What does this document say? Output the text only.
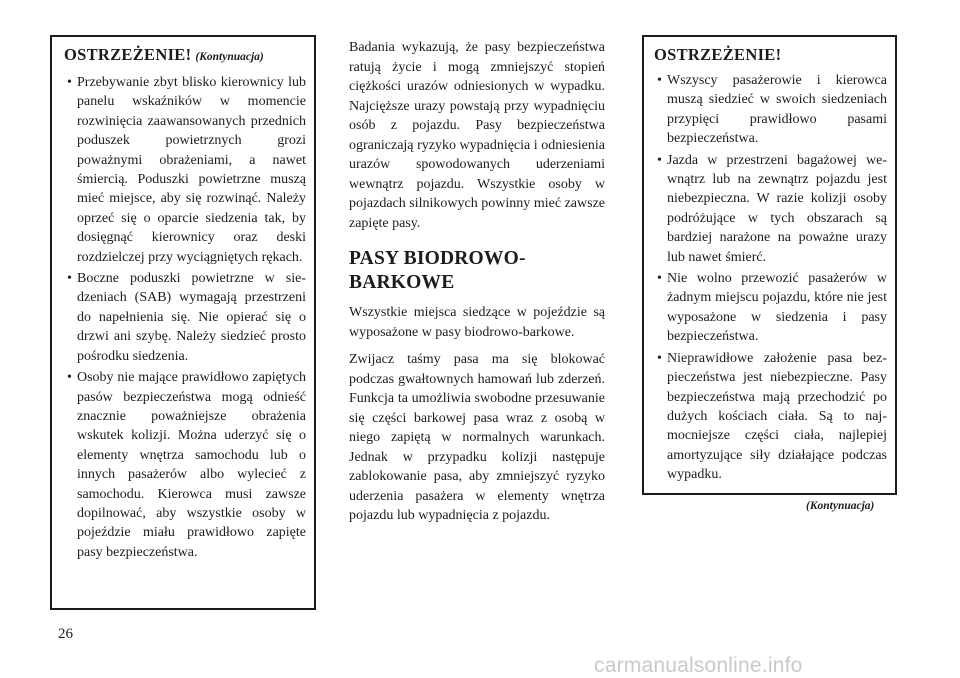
OSTRZEŻENIE! (Kontynuacja)
• Przebywanie zbyt blisko kierownicy lub panelu wskaźników w momencie rozwinięcia zaawansowanych przednich poduszek powietrznych grozi poważnymi obrażeniami, a nawet śmiercią. Poduszki powietrzne muszą mieć miejsce, aby się rozwinąć. Należy oprzeć się o oparcie siedzenia tak, by dosięgnąć kierownicy oraz deski rozdzielczej przy wyciągniętych rękach.
• Boczne poduszki powietrzne w siedzeniach (SAB) wymagają przestrzeni do napełnienia się. Nie opierać się o drzwi ani szybę. Należy siedzieć prosto pośrodku siedzenia.
• Osoby nie mające prawidłowo zapiętych pasów bezpieczeństwa mogą odnieść znacznie poważniejsze obrażenia wskutek kolizji. Można uderzyć się o elementy wnętrza samochodu lub o innych pasażerów albo wylecieć z samochodu. Kierowca musi zawsze dopilnować, aby wszystkie osoby w pojeździe miału prawidłowo zapięte pasy bezpieczeństwa.

Badania wykazują, że pasy bezpieczeństwa ratują życie i mogą zmniejszyć stopień ciężkości urazów odniesionych w wypadku. Najcięższe urazy powstają przy wypadnięciu osób z pojazdu. Pasy bezpieczeństwa ograniczają ryzyko wypadnięcia i odniesienia urazów spowodowanych uderzeniami wewnątrz pojazdu. Wszystkie osoby w pojazdach silnikowych powinny mieć zawsze zapięte pasy.

PASY BIODROWO-BARKOWE

Wszystkie miejsca siedzące w pojeździe są wyposażone w pasy biodrowo-barkowe.

Zwijacz taśmy pasa ma się blokować podczas gwałtownych hamowań lub zderzeń. Funkcja ta umożliwia swobodne przesuwanie się części barkowej pasa wraz z osobą w niego zapiętą w normalnych warunkach. Jednak w przypadku kolizji następuje zablokowanie pasa, aby zmniejszyć ryzyko uderzenia pasażera w elementy wnętrza pojazdu lub wypadnięcia z pojazdu.

OSTRZEŻENIE!
• Wszyscy pasażerowie i kierowca muszą siedzieć w swoich siedzeniach przypięci prawidłowo pasami bezpieczeństwa.
• Jazda w przestrzeni bagażowej wewnątrz lub na zewnątrz pojazdu jest niebezpieczna. W razie kolizji osoby podróżujące w tych obszarach są bardziej narażone na poważne urazy lub nawet śmierć.
• Nie wolno przewozić pasażerów w żadnym miejscu pojazdu, które nie jest wyposażone w siedzenia i pasy bezpieczeństwa.
• Nieprawidłowe założenie pasa bezpieczeństwa jest niebezpieczne. Pasy bezpieczeństwa mają przechodzić po dużych kościach ciała. Są to najmocniejsze części ciała, najlepiej amortyzujące siły działające podczas wypadku.
(Kontynuacja)
26
carmanualsonline.info
